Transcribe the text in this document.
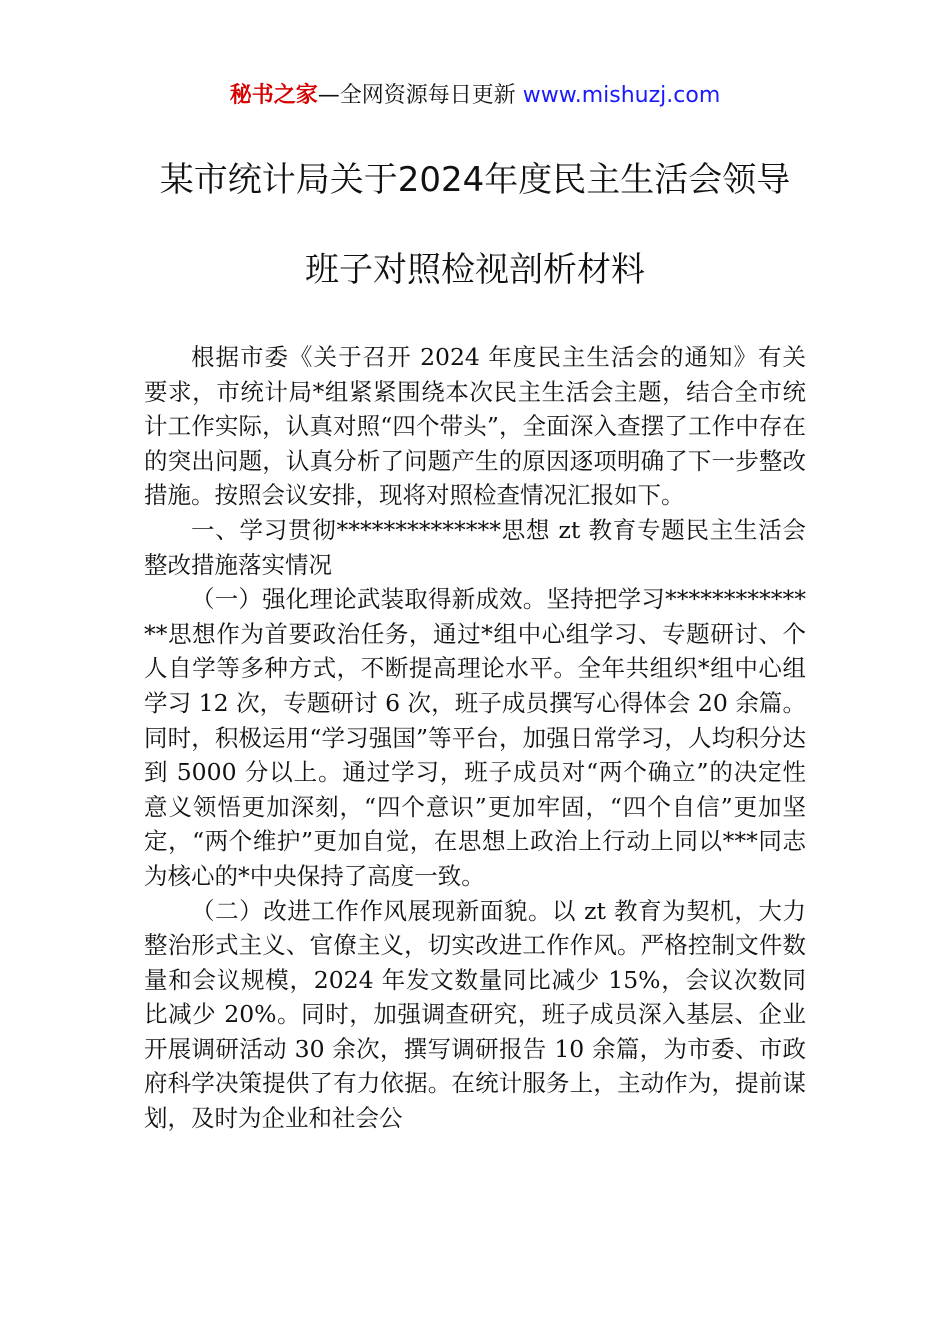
秘书之家—全网资源每日更新 www.mishuzj.com
某市统计局关于2024年度民主生活会领导
班子对照检视剖析材料

根据市委《关于召开 2024 年度民主生活会的通知》有关要求，市统计局*组紧紧围绕本次民主生活会主题，结合全市统计工作实际，认真对照“四个带头”，全面深入查摆了工作中存在的突出问题，认真分析了问题产生的原因逐项明确了下一步整改措施。按照会议安排，现将对照检查情况汇报如下。

一、学习贯彻**************思想 zt 教育专题民主生活会整改措施落实情况

（一）强化理论武装取得新成效。坚持把学习**************思想作为首要政治任务，通过*组中心组学习、专题研讨、个人自学等多种方式，不断提高理论水平。全年共组织*组中心组学习 12 次，专题研讨 6 次，班子成员撰写心得体会 20 余篇。同时，积极运用“学习强国”等平台，加强日常学习，人均积分达到 5000 分以上。通过学习，班子成员对“两个确立”的决定性意义领悟更加深刻，“四个意识”更加牢固，“四个自信”更加坚定，“两个维护”更加自觉，在思想上政治上行动上同以***同志为核心的*中央保持了高度一致。

（二）改进工作作风展现新面貌。以 zt 教育为契机，大力整治形式主义、官僚主义，切实改进工作作风。严格控制文件数量和会议规模，2024 年发文数量同比减少 15%，会议次数同比减少 20%。同时，加强调查研究，班子成员深入基层、企业开展调研活动 30 余次，撰写调研报告 10 余篇，为市委、市政府科学决策提供了有力依据。在统计服务上，主动作为，提前谋划，及时为企业和社会公
